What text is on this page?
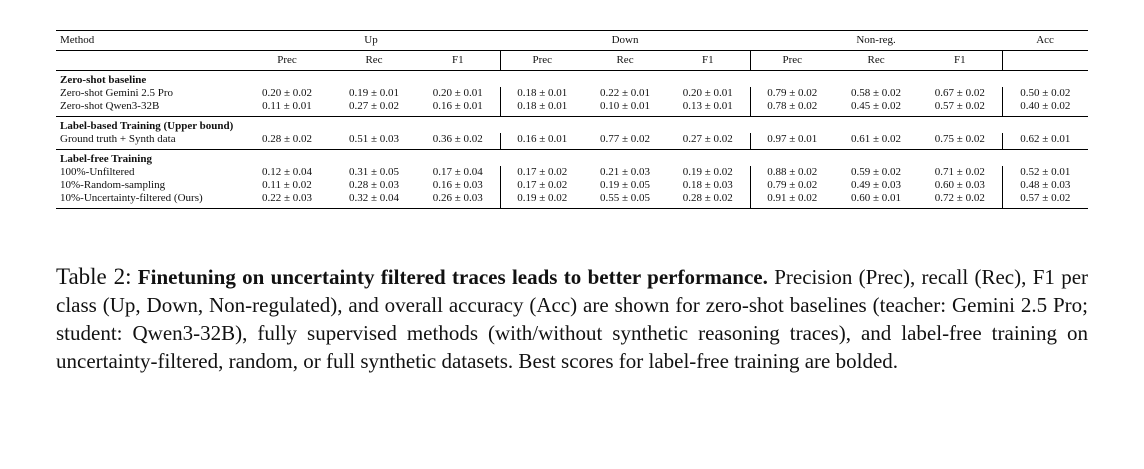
Method	Up			Down			Non-reg.			Acc
	Prec	Rec	F1	Prec	Rec	F1	Prec	Rec	F1	
Zero-shot baseline										
Zero-shot Gemini 2.5 Pro	0.20 ± 0.02	0.19 ± 0.01	0.20 ± 0.01	0.18 ± 0.01	0.22 ± 0.01	0.20 ± 0.01	0.79 ± 0.02	0.58 ± 0.02	0.67 ± 0.02	0.50 ± 0.02
Zero-shot Qwen3-32B	0.11 ± 0.01	0.27 ± 0.02	0.16 ± 0.01	0.18 ± 0.01	0.10 ± 0.01	0.13 ± 0.01	0.78 ± 0.02	0.45 ± 0.02	0.57 ± 0.02	0.40 ± 0.02
Label-based Training (Upper bound)										
Ground truth + Synth data	0.28 ± 0.02	0.51 ± 0.03	0.36 ± 0.02	0.16 ± 0.01	0.77 ± 0.02	0.27 ± 0.02	0.97 ± 0.01	0.61 ± 0.02	0.75 ± 0.02	0.62 ± 0.01
Label-free Training										
100%-Unfiltered	0.12 ± 0.04	0.31 ± 0.05	0.17 ± 0.04	0.17 ± 0.02	0.21 ± 0.03	0.19 ± 0.02	0.88 ± 0.02	0.59 ± 0.02	0.71 ± 0.02	0.52 ± 0.01
10%-Random-sampling	0.11 ± 0.02	0.28 ± 0.03	0.16 ± 0.03	0.17 ± 0.02	0.19 ± 0.05	0.18 ± 0.03	0.79 ± 0.02	0.49 ± 0.03	0.60 ± 0.03	0.48 ± 0.03
10%-Uncertainty-filtered (Ours)	0.22 ± 0.03	0.32 ± 0.04	0.26 ± 0.03	0.19 ± 0.02	0.55 ± 0.05	0.28 ± 0.02	0.91 ± 0.02	0.60 ± 0.01	0.72 ± 0.02	0.57 ± 0.02
Table 2: Finetuning on uncertainty filtered traces leads to better performance. Precision (Prec), recall (Rec), F1 per class (Up, Down, Non-regulated), and overall accuracy (Acc) are shown for zero-shot baselines (teacher: Gemini 2.5 Pro; student: Qwen3-32B), fully supervised methods (with/without synthetic reasoning traces), and label-free training on uncertainty-filtered, random, or full synthetic datasets. Best scores for label-free training are bolded.
